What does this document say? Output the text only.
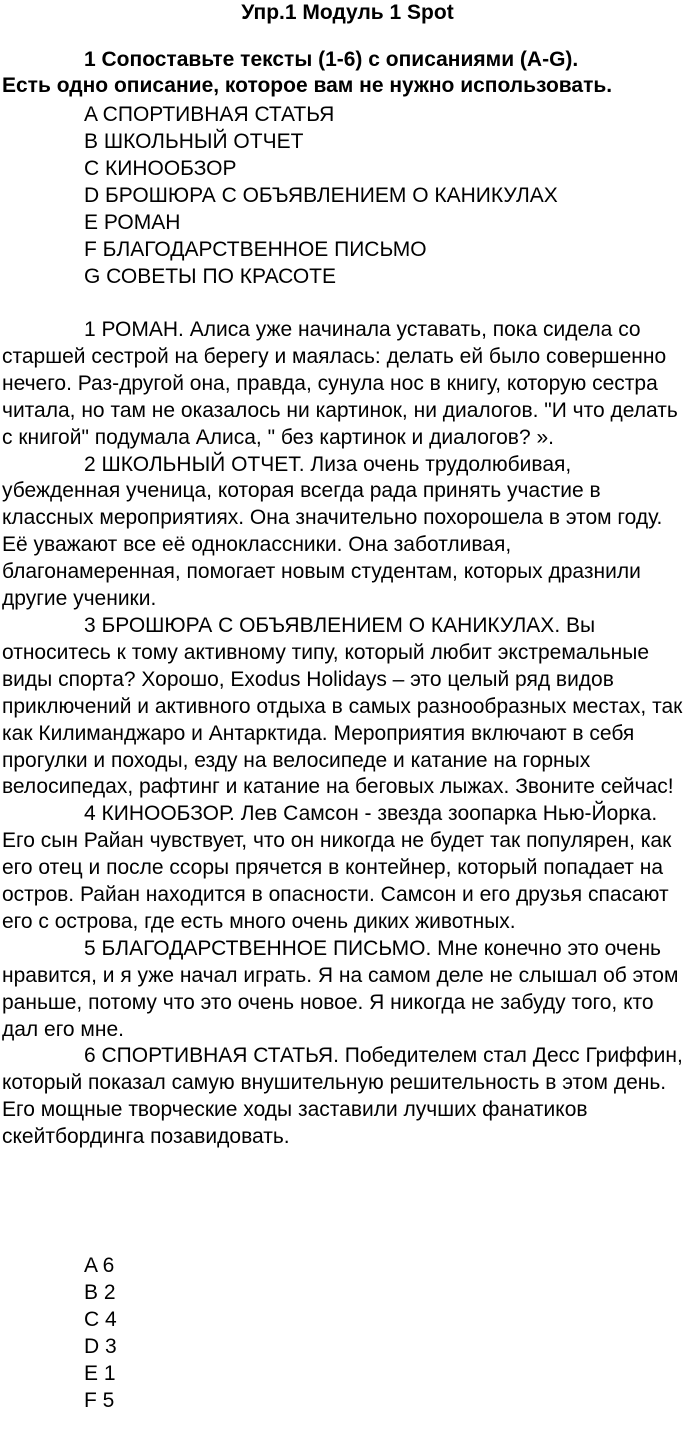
Упр.1 Модуль 1 Spot

1 Сопоставьте тексты (1-6) с описаниями (A-G).
Есть одно описание, которое вам не нужно использовать.

A СПОРТИВНАЯ СТАТЬЯ
B ШКОЛЬНЫЙ ОТЧЕТ
C КИНООБЗОР
D БРОШЮРА С ОБЪЯВЛЕНИЕМ О КАНИКУЛАХ
E РОМАН
F БЛАГОДАРСТВЕННОЕ ПИСЬМО
G СОВЕТЫ ПО КРАСОТЕ

1 РОМАН. Алиса уже начинала уставать, пока сидела со старшей сестрой на берегу и маялась: делать ей было совершенно нечего. Раз-другой она, правда, сунула нос в книгу, которую сестра читала, но там не оказалось ни картинок, ни диалогов. "И что делать с книгой" подумала Алиса, " без картинок и диалогов? ».

2 ШКОЛЬНЫЙ ОТЧЕТ. Лиза очень трудолюбивая, убежденная ученица, которая всегда рада принять участие в классных мероприятиях. Она значительно похорошела в этом году. Её уважают все её одноклассники. Она заботливая, благонамеренная, помогает новым студентам, которых дразнили другие ученики.

3 БРОШЮРА С ОБЪЯВЛЕНИЕМ О КАНИКУЛАХ. Вы относитесь к тому активному типу, который любит экстремальные виды спорта? Хорошо, Exodus Holidays – это целый ряд видов приключений и активного отдыха в самых разнообразных местах, так как Килиманджаро и Антарктида. Мероприятия включают в себя прогулки и походы, езду на велосипеде и катание на горных велосипедах, рафтинг и катание на беговых лыжах. Звоните сейчас!

4 КИНООБЗОР. Лев Самсон - звезда зоопарка Нью-Йорка. Его сын Райан чувствует, что он никогда не будет так популярен, как его отец и после ссоры прячется в контейнер, который попадает на остров. Райан находится в опасности. Самсон и его друзья спасают его с острова, где есть много очень диких животных.

5 БЛАГОДАРСТВЕННОЕ ПИСЬМО. Мне конечно это очень нравится, и я уже начал играть. Я на самом деле не слышал об этом раньше, потому что это очень новое. Я никогда не забуду того, кто дал его мне.

6 СПОРТИВНАЯ СТАТЬЯ. Победителем стал Десс Гриффин, который показал самую внушительную решительность в этом день. Его мощные творческие ходы заставили лучших фанатиков скейтбординга позавидовать.

A 6
B 2
C 4
D 3
E 1
F 5
